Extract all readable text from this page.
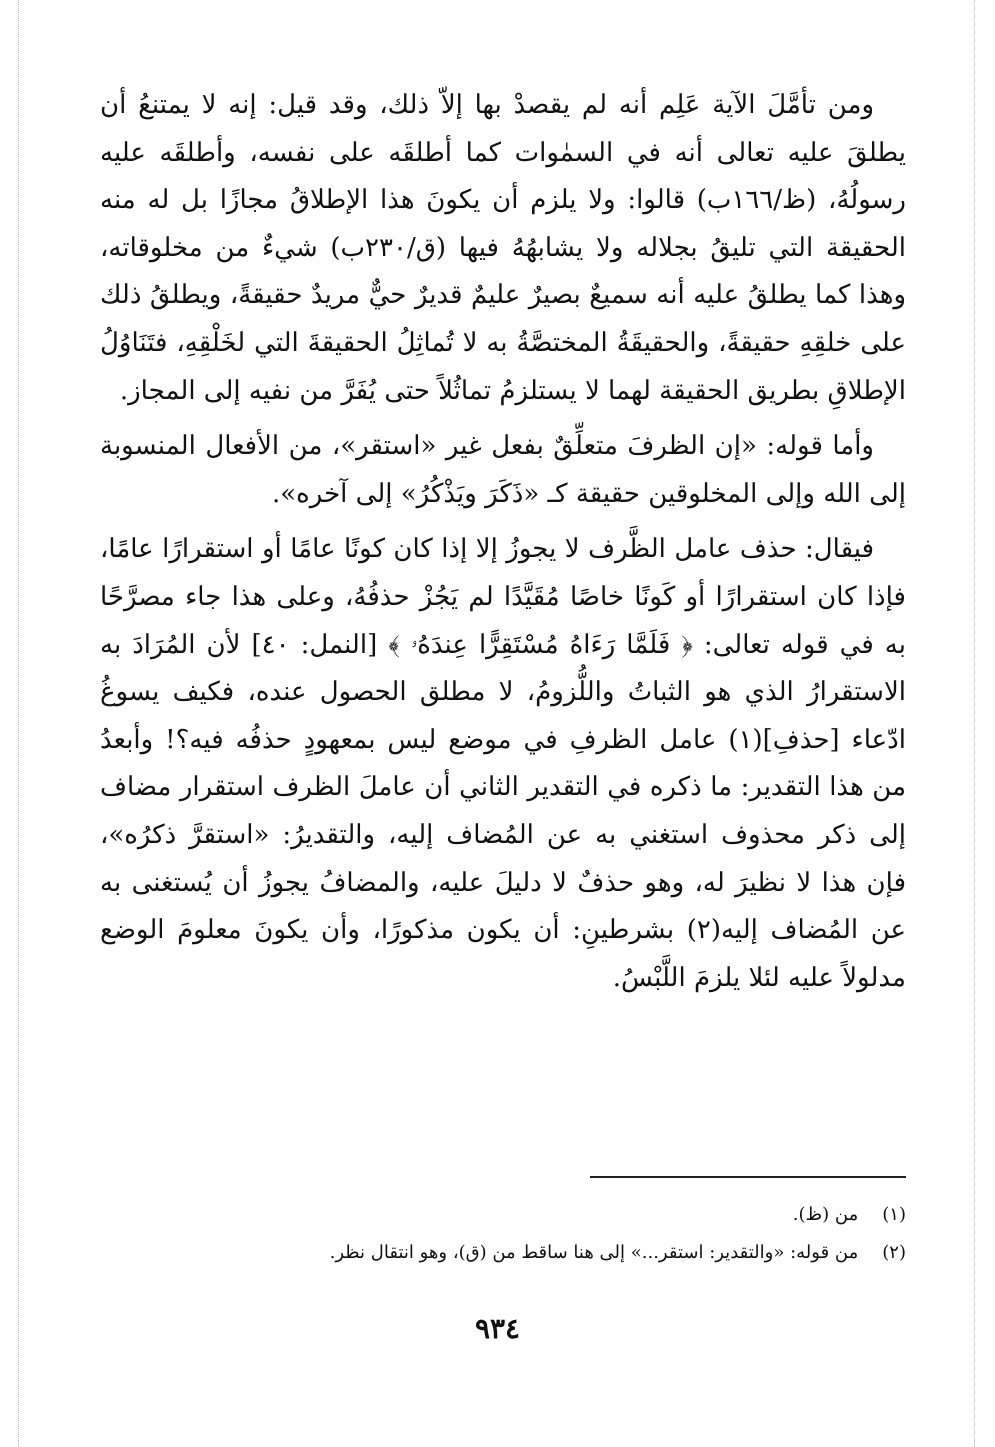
ومن تأمَّلَ الآية عَلِم أنه لم يقصدْ بها إلاّ ذلك، وقد قيل: إنه لا يمتنعُ أن يطلقَ عليه تعالى أنه في السمٰوات كما أطلقَه على نفسه، وأطلقَه عليه رسولُهُ، (ظ/١٦٦ب) قالوا: ولا يلزم أن يكونَ هذا الإطلاقُ مجازًا بل له منه الحقيقة التي تليقُ بجلاله ولا يشابهُهُ فيها (ق/٢٣٠ب) شيءٌ من مخلوقاته، وهذا كما يطلقُ عليه أنه سميعٌ بصيرٌ عليمٌ قديرٌ حيٌّ مريدٌ حقيقةً، ويطلقُ ذلك على خلقِهِ حقيقةً، والحقيقَةُ المختصَّةُ به لا تُماثِلُ الحقيقةَ التي لخَلْقِهِ، فتَنَاوُلُ الإطلاقِ بطريق الحقيقة لهما لا يستلزمُ تماثُلاً حتى يُفَرَّ من نفيه إلى المجاز.

وأما قوله: «إن الظرفَ متعلِّقٌ بفعل غير «استقر»، من الأفعال المنسوبة إلى الله وإلى المخلوقين حقيقة كـ «ذَكَرَ ويَذْكُرُ» إلى آخره».

فيقال: حذف عامل الظَّرف لا يجوزُ إلا إذا كان كونًا عامًا أو استقرارًا عامًا، فإذا كان استقرارًا أو كَونًا خاصًا مُقَيَّدًا لم يَجُزْ حذفُهُ، وعلى هذا جاء مصرَّحًا به في قوله تعالى: ﴿ فَلَمَّا رَءَاهُ مُسْتَقِرًّا عِندَهُۥ ﴾ [النمل: ٤٠] لأن المُرَادَ به الاستقرارُ الذي هو الثباتُ واللُّزومُ، لا مطلق الحصول عنده، فكيف يسوغُ ادّعاء [حذفِ](١) عامل الظرفِ في موضع ليس بمعهودٍ حذفُه فيه؟! وأبعدُ من هذا التقدير: ما ذكره في التقدير الثاني أن عاملَ الظرف استقرار مضاف إلى ذكر محذوف استغني به عن المُضاف إليه، والتقديرُ: «استقرَّ ذكرُه»، فإن هذا لا نظيرَ له، وهو حذفٌ لا دليلَ عليه، والمضافُ يجوزُ أن يُستغنى به عن المُضاف إليه(٢) بشرطينِ: أن يكون مذكورًا، وأن يكونَ معلومَ الوضع مدلولاً عليه لئلا يلزمَ اللَّبْسُ.

(١) من (ظ).
(٢) من قوله: «والتقدير: استقر...» إلى هنا ساقط من (ق)، وهو انتقال نظر.
٩٣٤
